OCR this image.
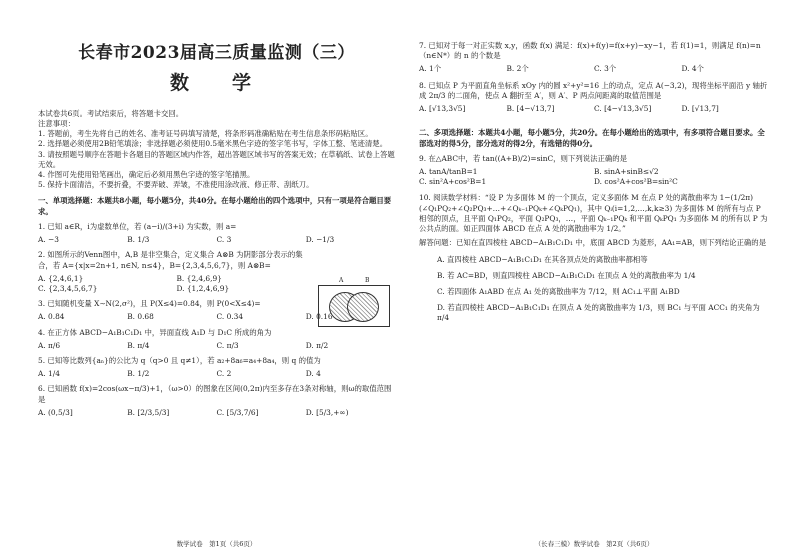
长春市2023届高三质量监测（三）
数　学

本试卷共6页。考试结束后，将答题卡交回。

注意事项：

1. 答题前，考生先将自己的姓名、准考证号码填写清楚，将条形码准确粘贴在考生信息条形码粘贴区。

2. 选择题必须使用2B铅笔填涂；非选择题必须使用0.5毫米黑色字迹的签字笔书写，字体工整、笔迹清楚。

3. 请按照题号顺序在答题卡各题目的答题区域内作答，超出答题区域书写的答案无效；在草稿纸、试卷上答题无效。

4. 作图可先使用铅笔画出，确定后必须用黑色字迹的签字笔描黑。

5. 保持卡面清洁，不要折叠，不要弄破、弄皱，不准使用涂改液、修正带、刮纸刀。

一、单项选择题：本题共8小题，每小题5分，共40分。在每小题给出的四个选项中，只有一项是符合题目要求。

1. 已知 a∈R，i为虚数单位，若 (a−i)/(3+i) 为实数，则 a=

A. −3	B. 1/3	C. 3	D. −1/3

2. 如图所示的Venn图中，A,B 是非空集合，定义集合 A⊗B 为阴影部分表示的集合，若 A={x|x=2n+1, n∈N, n≤4}，B={2,3,4,5,6,7}，则 A⊗B=

A. {2,4,6,1}	B. {2,4,6,9}
C. {2,3,4,5,6,7}	D. {1,2,4,6,9}

3. 已知随机变量 X∼N(2,σ²)，且 P(X≤4)=0.84，则 P(0<X≤4)=

A. 0.84	B. 0.68	C. 0.34	D. 0.16

4. 在正方体 ABCD−A₁B₁C₁D₁ 中，异面直线 A₁D 与 D₁C 所成的角为

A. π/6	B. π/4	C. π/3	D. π/2

5. 已知等比数列{aₙ}的公比为 q（q>0 且 q≠1），若 a₂+8a₆=a₄+8a₄，则 q 的值为

A. 1/4	B. 1/2	C. 2	D. 4

6. 已知函数 f(x)=2cos(ωx−π/3)+1，（ω>0）的图象在区间(0,2π)内至多存在3条对称轴，则ω的取值范围是

A. (0,5/3]	B. [2/3,5/3]	C. [5/3,7/6]	D. [5/3,+∞)
A	B
数学试卷　第1页（共6页）

7. 已知对于每一对正实数 x,y，函数 f(x) 满足：f(x)+f(y)=f(x+y)−xy−1，若 f(1)=1，则满足 f(n)=n（n∈N*）的 n 的个数是

A. 1个	B. 2个	C. 3个	D. 4个

8. 已知点 P 为平面直角坐标系 xOy 内的圆 x²+y²=16 上的动点，定点 A(−3,2)，现将坐标平面沿 y 轴折成 2π/3 的二面角，使点 A 翻折至 A′，则 A′、P 两点间距离的取值范围是

A. [√13,3√5]	B. [4−√13,7]	C. [4−√13,3√5]	D. [√13,7]

二、多项选择题：本题共4小题，每小题5分，共20分。在每小题给出的选项中，有多项符合题目要求。全部选对的得5分，部分选对的得2分，有选错的得0分。

9. 在△ABC中，若 tan((A+B)/2)=sinC，则下列说法正确的是

A. tanA/tanB=1	B. sinA+sinB≤√2
C. sin²A+cos²B=1	D. cos²A+cos²B=sin²C

10. 阅读数学材料：“设 P 为多面体 M 的一个顶点，定义多面体 M 在点 P 处的离散曲率为 1−(1/2π)(∠Q₁PQ₂+∠Q₂PQ₃+…+∠Qₖ₋₁PQₖ+∠QₖPQ₁)，其中 Qᵢ(i=1,2,…,k,k≥3) 为多面体 M 的所有与点 P 相邻的顶点，且平面 Q₁PQ₂，平面 Q₂PQ₃，…，平面 Qₖ₋₁PQₖ 和平面 QₖPQ₁ 为多面体 M 的所有以 P 为公共点的面。如正四面体 ABCD 在点 A 处的离散曲率为 1/2。”

解答问题：已知在直四棱柱 ABCD−A₁B₁C₁D₁ 中，底面 ABCD 为菱形，AA₁=AB，则下列结论正确的是

A. 直四棱柱 ABCD−A₁B₁C₁D₁ 在其各顶点处的离散曲率都相等

B. 若 AC=BD，则直四棱柱 ABCD−A₁B₁C₁D₁ 在顶点 A 处的离散曲率为 1/4

C. 若四面体 A₁ABD 在点 A₁ 处的离散曲率为 7/12，则 AC₁⊥平面 A₁BD

D. 若直四棱柱 ABCD−A₁B₁C₁D₁ 在顶点 A 处的离散曲率为 1/3，则 BC₁ 与平面 ACC₁ 的夹角为 π/4

（长春三模）数学试卷　第2页（共6页）
